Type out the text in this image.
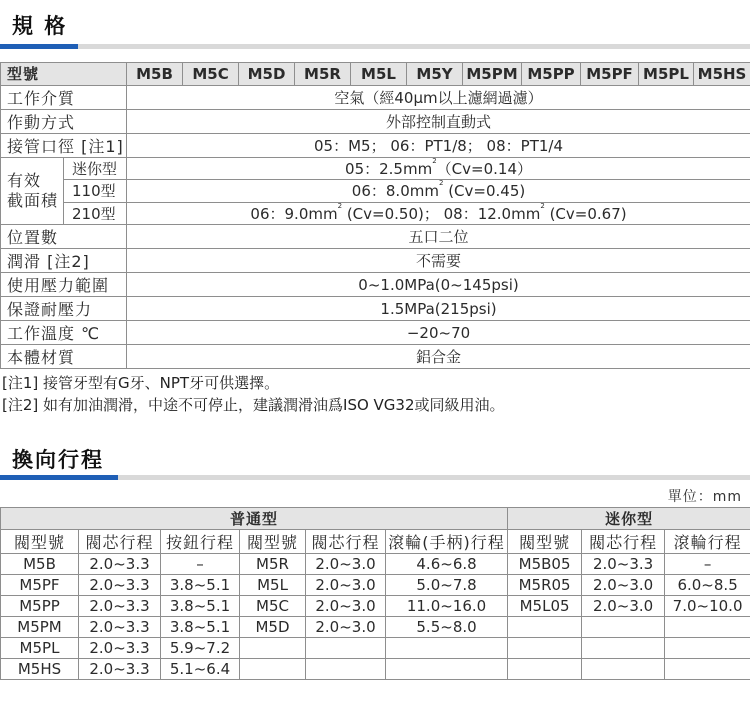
規 格
型號		M5B	M5C	M5D	M5R	M5L	M5Y	M5PM	M5PP	M5PF	M5PL	M5HS
工作介質		空氣（經40μm以上濾網過濾）										
作動方式		外部控制直動式										
接管口徑 [注1]		05：M5； 06：PT1/8； 08：PT1/4										

有效
截面積	迷你型	05：$2.5mm^2(Cv=0.14)$										
	110型	06：$8.0mm^2$ (Cv=0.45)										
	210型	06：$9.0mm^2$ (Cv=0.50)； 08：$12.0mm^2$ (Cv=0.67)										
位置數		五口二位										
潤滑 [注2]		不需要										
使用壓力範圍		0~1.0MPa(0~145psi)										
保證耐壓力		1.5MPa(215psi)										
工作溫度 ℃		−20~70										
本體材質		鋁合金										
[注1] 接管牙型有G牙、NPT牙可供選擇。
[注2] 如有加油潤滑，中途不可停止，建議潤滑油爲ISO VG32或同級用油。
換向行程
單位：mm
普通型						迷你型		
閥型號	閥芯行程	按鈕行程	閥型號	閥芯行程	滾輪(手柄)行程	閥型號	閥芯行程	滾輪行程
M5B	2.0~3.3	–	M5R	2.0~3.0	4.6~6.8	M5B05	2.0~3.3	–
M5PF	2.0~3.3	3.8~5.1	M5L	2.0~3.0	5.0~7.8	M5R05	2.0~3.0	6.0~8.5
M5PP	2.0~3.3	3.8~5.1	M5C	2.0~3.0	11.0~16.0	M5L05	2.0~3.0	7.0~10.0
M5PM	2.0~3.3	3.8~5.1	M5D	2.0~3.0	5.5~8.0			
M5PL	2.0~3.3	5.9~7.2						
M5HS	2.0~3.3	5.1~6.4						
